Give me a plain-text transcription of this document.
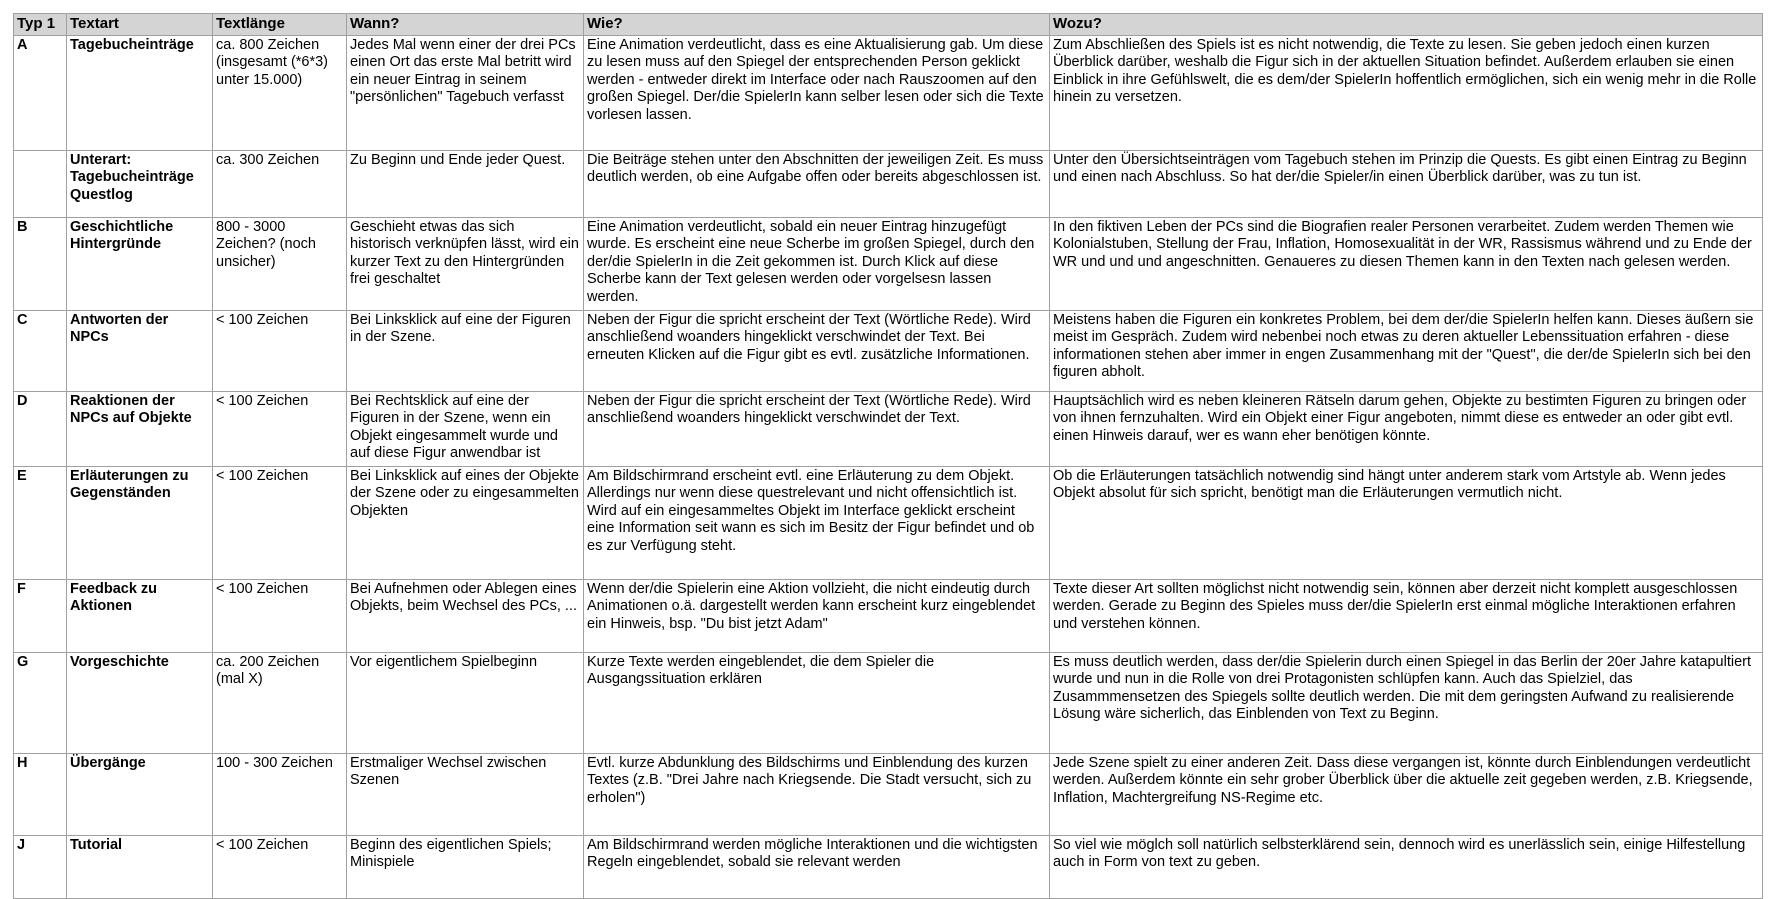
Typ 1	Textart	Textlänge	Wann?	Wie?	Wozu?
A	Tagebucheinträge	ca. 800 Zeichen (insgesamt (*6*3) unter 15.000)	Jedes Mal wenn einer der drei PCs einen Ort das erste Mal betritt wird ein neuer Eintrag in seinem "persönlichen" Tagebuch verfasst	Eine Animation verdeutlicht, dass es eine Aktualisierung gab. Um diese zu lesen muss auf den Spiegel der entsprechenden Person geklickt werden - entweder direkt im Interface oder nach Rauszoomen auf den großen Spiegel. Der/die SpielerIn kann selber lesen oder sich die Texte vorlesen lassen.	Zum Abschließen des Spiels ist es nicht notwendig, die Texte zu lesen. Sie geben jedoch einen kurzen Überblick darüber, weshalb die Figur sich in der aktuellen Situation befindet. Außerdem erlauben sie einen Einblick in ihre Gefühlswelt, die es dem/der SpielerIn hoffentlich ermöglichen, sich ein wenig mehr in die Rolle hinein zu versetzen.
	Unterart: Tagebucheinträge Questlog	ca. 300 Zeichen	Zu Beginn und Ende jeder Quest.	Die Beiträge stehen unter den Abschnitten der jeweiligen Zeit. Es muss deutlich werden, ob eine Aufgabe offen oder bereits abgeschlossen ist.	Unter den Übersichtseinträgen vom Tagebuch stehen im Prinzip die Quests. Es gibt einen Eintrag zu Beginn und einen nach Abschluss. So hat der/die Spieler/in einen Überblick darüber, was zu tun ist.
B	Geschichtliche Hintergründe	800 - 3000 Zeichen? (noch unsicher)	Geschieht etwas das sich historisch verknüpfen lässt, wird ein kurzer Text zu den Hintergründen frei geschaltet	Eine Animation verdeutlicht, sobald ein neuer Eintrag hinzugefügt wurde. Es erscheint eine neue Scherbe im großen Spiegel, durch den der/die SpielerIn in die Zeit gekommen ist. Durch Klick auf diese Scherbe kann der Text gelesen werden oder vorgelsesn lassen werden.	In den fiktiven Leben der PCs sind die Biografien realer Personen verarbeitet. Zudem werden Themen wie Kolonialstuben, Stellung der Frau, Inflation, Homosexualität in der WR, Rassismus während und zu Ende der WR und und und angeschnitten. Genaueres zu diesen Themen kann in den Texten nach gelesen werden.
C	Antworten der NPCs	< 100 Zeichen	Bei Linksklick auf eine der Figuren in der Szene.	Neben der Figur die spricht erscheint der Text (Wörtliche Rede). Wird anschließend woanders hingeklickt verschwindet der Text. Bei erneuten Klicken auf die Figur gibt es evtl. zusätzliche Informationen.	Meistens haben die Figuren ein konkretes Problem, bei dem der/die SpielerIn helfen kann. Dieses äußern sie meist im Gespräch. Zudem wird nebenbei noch etwas zu deren aktueller Lebenssituation erfahren - diese informationen stehen aber immer in engen Zusammenhang mit der "Quest", die der/de SpielerIn sich bei den figuren abholt.
D	Reaktionen der NPCs auf Objekte	< 100 Zeichen	Bei Rechtsklick auf eine der Figuren in der Szene, wenn ein Objekt eingesammelt wurde und auf diese Figur anwendbar ist	Neben der Figur die spricht erscheint der Text (Wörtliche Rede). Wird anschließend woanders hingeklickt verschwindet der Text.	Hauptsächlich wird es neben kleineren Rätseln darum gehen, Objekte zu bestimten Figuren zu bringen oder von ihnen fernzuhalten. Wird ein Objekt einer Figur angeboten, nimmt diese es entweder an oder gibt evtl. einen Hinweis darauf, wer es wann eher benötigen könnte.
E	Erläuterungen zu Gegenständen	< 100 Zeichen	Bei Linksklick auf eines der Objekte der Szene oder zu eingesammelten Objekten	Am Bildschirmrand erscheint evtl. eine Erläuterung zu dem Objekt. Allerdings nur wenn diese questrelevant und nicht offensichtlich ist. Wird auf ein eingesammeltes Objekt im Interface geklickt erscheint eine Information seit wann es sich im Besitz der Figur befindet und ob es zur Verfügung steht.	Ob die Erläuterungen tatsächlich notwendig sind hängt unter anderem stark vom Artstyle ab. Wenn jedes Objekt absolut für sich spricht, benötigt man die Erläuterungen vermutlich nicht.
F	Feedback zu Aktionen	< 100 Zeichen	Bei Aufnehmen oder Ablegen eines Objekts, beim Wechsel des PCs, ...	Wenn der/die Spielerin eine Aktion vollzieht, die nicht eindeutig durch Animationen o.ä. dargestellt werden kann erscheint kurz eingeblendet ein Hinweis, bsp. "Du bist jetzt Adam"	Texte dieser Art sollten möglichst nicht notwendig sein, können aber derzeit nicht komplett ausgeschlossen werden. Gerade zu Beginn des Spieles muss der/die SpielerIn erst einmal mögliche Interaktionen erfahren und verstehen können.
G	Vorgeschichte	ca. 200 Zeichen (mal X)	Vor eigentlichem Spielbeginn	Kurze Texte werden eingeblendet, die dem Spieler die Ausgangssituation erklären	Es muss deutlich werden, dass der/die Spielerin durch einen Spiegel in das Berlin der 20er Jahre katapultiert wurde und nun in die Rolle von drei Protagonisten schlüpfen kann. Auch das Spielziel, das Zusammmensetzen des Spiegels sollte deutlich werden. Die mit dem geringsten Aufwand zu realisierende Lösung wäre sicherlich, das Einblenden von Text zu Beginn.
H	Übergänge	100 - 300 Zeichen	Erstmaliger Wechsel zwischen Szenen	Evtl. kurze Abdunklung des Bildschirms und Einblendung des kurzen Textes (z.B. "Drei Jahre nach Kriegsende. Die Stadt versucht, sich zu erholen")	Jede Szene spielt zu einer anderen Zeit. Dass diese vergangen ist, könnte durch Einblendungen verdeutlicht werden. Außerdem könnte ein sehr grober Überblick über die aktuelle zeit gegeben werden, z.B. Kriegsende, Inflation, Machtergreifung NS-Regime etc.
J	Tutorial	< 100 Zeichen	Beginn des eigentlichen Spiels; Minispiele	Am Bildschirmrand werden mögliche Interaktionen und die wichtigsten Regeln eingeblendet, sobald sie relevant werden	So viel wie möglch soll natürlich selbsterklärend sein, dennoch wird es unerlässlich sein, einige Hilfestellung auch in Form von text zu geben.
